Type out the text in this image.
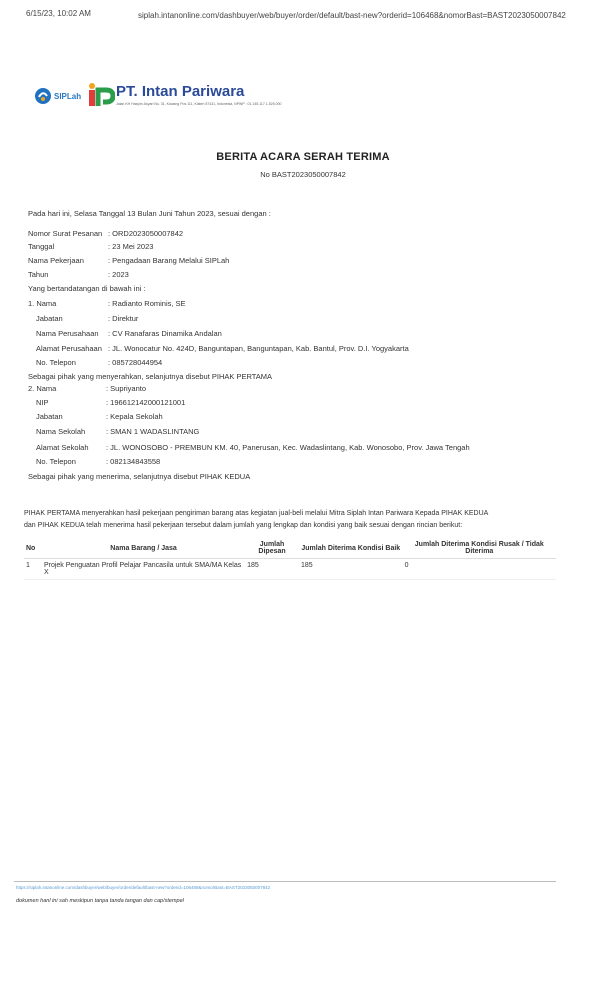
6/15/23, 10:02 AM	siplah.intanonline.com/dashbuyer/web/buyer/order/default/bast-new?orderid=106468&nomorBast=BAST2023050007842
SIPLah PT. Intan Pariwara
Jalan KH Hasyim Asyari No. 31, Kowang Pos 111, Klaten 57431, Indonesia, NPWP : 01.145.117.1-525.000
BERITA ACARA SERAH TERIMA
No BAST2023050007842
Pada hari ini, Selasa Tanggal 13 Bulan Juni Tahun 2023, sesuai dengan :
Nomor Surat Pesanan : ORD2023050007842
Tanggal	: 23 Mei 2023
Nama Pekerjaan	: Pengadaan Barang Melalui SIPLah
Tahun	: 2023
Yang bertandatangan di bawah ini :
1. Nama	: Radianto Rominis, SE
Jabatan	: Direktur
Nama Perusahaan : CV Ranafaras Dinamika Andalan
Alamat Perusahaan : JL. Wonocatur No. 424D, Banguntapan, Banguntapan, Kab. Bantul, Prov. D.I. Yogyakarta
No. Telepon	: 085728044954
Sebagai pihak yang menyerahkan, selanjutnya disebut PIHAK PERTAMA
2. Nama	: Supriyanto
NIP	: 196612142000121001
Jabatan	: Kepala Sekolah
Nama Sekolah	: SMAN 1 WADASLINTANG
Alamat Sekolah : JL. WONOSOBO - PREMBUN KM. 40, Panerusan, Kec. Wadaslintang, Kab. Wonosobo, Prov. Jawa Tengah
No. Telepon	: 082134843558
Sebagai pihak yang menerima, selanjutnya disebut PIHAK KEDUA
PIHAK PERTAMA menyerahkan hasil pekerjaan pengiriman barang atas kegiatan jual-beli melalui Mitra Siplah Intan Pariwara Kepada PIHAK KEDUA
dan PIHAK KEDUA telah menerima hasil pekerjaan tersebut dalam jumlah yang lengkap dan kondisi yang baik sesuai dengan rincian berikut:
No	Nama Barang / Jasa	Jumlah Dipesan	Jumlah Diterima Kondisi Baik	Jumlah Diterima Kondisi Rusak / Tidak Diterima
1	Projek Penguatan Profil Pelajar Pancasila untuk SMA/MA Kelas X	185	185	0
https://siplah.intanonline.com/dashbuyer/web/buyer/order/default/bast-new?orderid=106468&nomorBast=BAST2023050007842
dokumen hanl ini sah meskipun tanpa tanda tangan dan cap/stempel
